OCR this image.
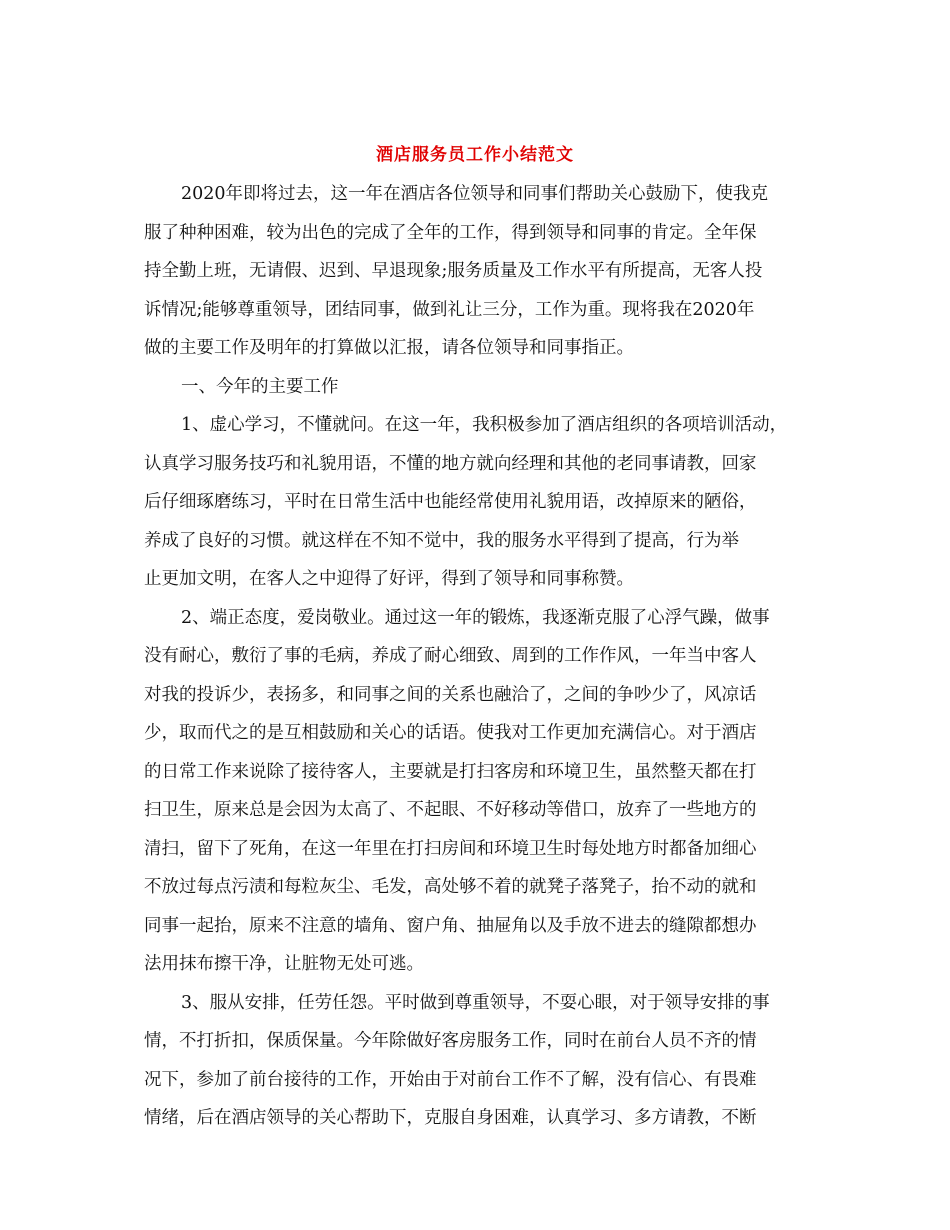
酒店服务员工作小结范文
2020年即将过去，这一年在酒店各位领导和同事们帮助关心鼓励下，使我克
服了种种困难，较为出色的完成了全年的工作，得到领导和同事的肯定。全年保
持全勤上班，无请假、迟到、早退现象;服务质量及工作水平有所提高，无客人投
诉情况;能够尊重领导，团结同事，做到礼让三分，工作为重。现将我在2020年
做的主要工作及明年的打算做以汇报，请各位领导和同事指正。
一、今年的主要工作
1、虚心学习，不懂就问。在这一年，我积极参加了酒店组织的各项培训活动，
认真学习服务技巧和礼貌用语，不懂的地方就向经理和其他的老同事请教，回家
后仔细琢磨练习，平时在日常生活中也能经常使用礼貌用语，改掉原来的陋俗，
养成了良好的习惯。就这样在不知不觉中，我的服务水平得到了提高，行为举
止更加文明，在客人之中迎得了好评，得到了领导和同事称赞。
2、端正态度，爱岗敬业。通过这一年的锻炼，我逐渐克服了心浮气躁，做事
没有耐心，敷衍了事的毛病，养成了耐心细致、周到的工作作风，一年当中客人
对我的投诉少，表扬多，和同事之间的关系也融洽了，之间的争吵少了，风凉话
少，取而代之的是互相鼓励和关心的话语。使我对工作更加充满信心。对于酒店
的日常工作来说除了接待客人，主要就是打扫客房和环境卫生，虽然整天都在打
扫卫生，原来总是会因为太高了、不起眼、不好移动等借口，放弃了一些地方的
清扫，留下了死角，在这一年里在打扫房间和环境卫生时每处地方时都备加细心
不放过每点污渍和每粒灰尘、毛发，高处够不着的就凳子落凳子，抬不动的就和
同事一起抬，原来不注意的墙角、窗户角、抽屉角以及手放不进去的缝隙都想办
法用抹布擦干净，让脏物无处可逃。
3、服从安排，任劳任怨。平时做到尊重领导，不耍心眼，对于领导安排的事
情，不打折扣，保质保量。今年除做好客房服务工作，同时在前台人员不齐的情
况下，参加了前台接待的工作，开始由于对前台工作不了解，没有信心、有畏难
情绪，后在酒店领导的关心帮助下，克服自身困难，认真学习、多方请教，不断
